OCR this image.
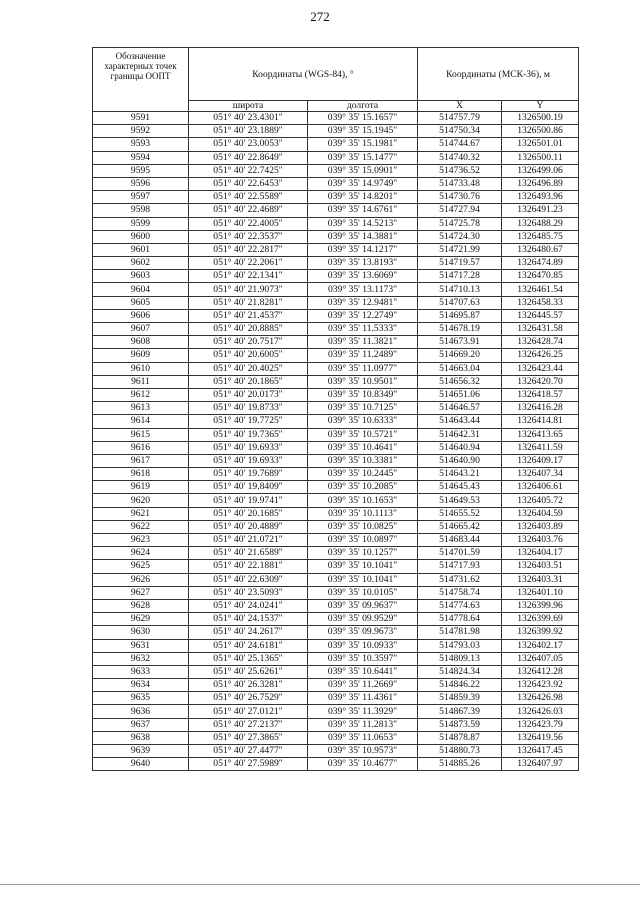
272
Обозначение характерных точек границы ООПТ	Координаты (WGS-84), °		Координаты (МСК-36), м	
	широта	долгота	X	Y
9591	051° 40' 23.4301"	039° 35' 15.1657"	514757.79	1326500.19
9592	051° 40' 23.1889"	039° 35' 15.1945"	514750.34	1326500.86
9593	051° 40' 23.0053"	039° 35' 15.1981"	514744.67	1326501.01
9594	051° 40' 22.8649"	039° 35' 15.1477"	514740.32	1326500.11
9595	051° 40' 22.7425"	039° 35' 15.0901"	514736.52	1326499.06
9596	051° 40' 22.6453"	039° 35' 14.9749"	514733.48	1326496.89
9597	051° 40' 22.5589"	039° 35' 14.8201"	514730.76	1326493.96
9598	051° 40' 22.4689"	039° 35' 14.6761"	514727.94	1326491.23
9599	051° 40' 22.4005"	039° 35' 14.5213"	514725.78	1326488.29
9600	051° 40' 22.3537"	039° 35' 14.3881"	514724.30	1326485.75
9601	051° 40' 22.2817"	039° 35' 14.1217"	514721.99	1326480.67
9602	051° 40' 22.2061"	039° 35' 13.8193"	514719.57	1326474.89
9603	051° 40' 22.1341"	039° 35' 13.6069"	514717.28	1326470.85
9604	051° 40' 21.9073"	039° 35' 13.1173"	514710.13	1326461.54
9605	051° 40' 21.8281"	039° 35' 12.9481"	514707.63	1326458.33
9606	051° 40' 21.4537"	039° 35' 12.2749"	514695.87	1326445.57
9607	051° 40' 20.8885"	039° 35' 11.5333"	514678.19	1326431.58
9608	051° 40' 20.7517"	039° 35' 11.3821"	514673.91	1326428.74
9609	051° 40' 20.6005"	039° 35' 11.2489"	514669.20	1326426.25
9610	051° 40' 20.4025"	039° 35' 11.0977"	514663.04	1326423.44
9611	051° 40' 20.1865"	039° 35' 10.9501"	514656.32	1326420.70
9612	051° 40' 20.0173"	039° 35' 10.8349"	514651.06	1326418.57
9613	051° 40' 19.8733"	039° 35' 10.7125"	514646.57	1326416.28
9614	051° 40' 19.7725"	039° 35' 10.6333"	514643.44	1326414.81
9615	051° 40' 19.7365"	039° 35' 10.5721"	514642.31	1326413.65
9616	051° 40' 19.6933"	039° 35' 10.4641"	514640.94	1326411.59
9617	051° 40' 19.6933"	039° 35' 10.3381"	514640.90	1326409.17
9618	051° 40' 19.7689"	039° 35' 10.2445"	514643.21	1326407.34
9619	051° 40' 19.8409"	039° 35' 10.2085"	514645.43	1326406.61
9620	051° 40' 19.9741"	039° 35' 10.1653"	514649.53	1326405.72
9621	051° 40' 20.1685"	039° 35' 10.1113"	514655.52	1326404.59
9622	051° 40' 20.4889"	039° 35' 10.0825"	514665.42	1326403.89
9623	051° 40' 21.0721"	039° 35' 10.0897"	514683.44	1326403.76
9624	051° 40' 21.6589"	039° 35' 10.1257"	514701.59	1326404.17
9625	051° 40' 22.1881"	039° 35' 10.1041"	514717.93	1326403.51
9626	051° 40' 22.6309"	039° 35' 10.1041"	514731.62	1326403.31
9627	051° 40' 23.5093"	039° 35' 10.0105"	514758.74	1326401.10
9628	051° 40' 24.0241"	039° 35' 09.9637"	514774.63	1326399.96
9629	051° 40' 24.1537"	039° 35' 09.9529"	514778.64	1326399.69
9630	051° 40' 24.2617"	039° 35' 09.9673"	514781.98	1326399.92
9631	051° 40' 24.6181"	039° 35' 10.0933"	514793.03	1326402.17
9632	051° 40' 25.1365"	039° 35' 10.3597"	514809.13	1326407.05
9633	051° 40' 25.6261"	039° 35' 10.6441"	514824.34	1326412.28
9634	051° 40' 26.3281"	039° 35' 11.2669"	514846.22	1326423.92
9635	051° 40' 26.7529"	039° 35' 11.4361"	514859.39	1326426.98
9636	051° 40' 27.0121"	039° 35' 11.3929"	514867.39	1326426.03
9637	051° 40' 27.2137"	039° 35' 11.2813"	514873.59	1326423.79
9638	051° 40' 27.3865"	039° 35' 11.0653"	514878.87	1326419.56
9639	051° 40' 27.4477"	039° 35' 10.9573"	514880.73	1326417.45
9640	051° 40' 27.5989"	039° 35' 10.4677"	514885.26	1326407.97
